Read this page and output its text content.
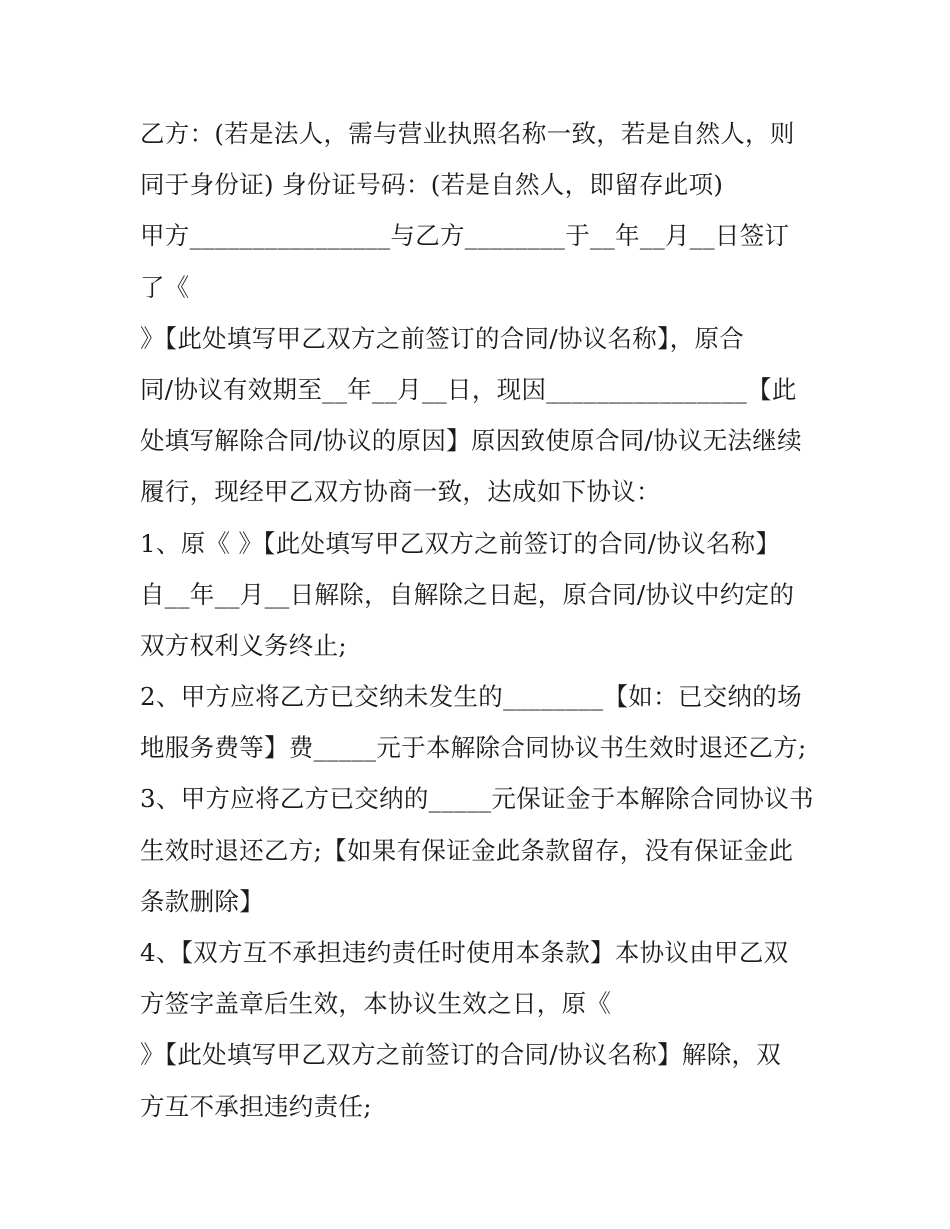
乙方：(若是法人，需与营业执照名称一致，若是自然人，则
同于身份证) 身份证号码：(若是自然人，即留存此项)
甲方________________与乙方________于__年__月__日签订
了《
》【此处填写甲乙双方之前签订的合同/协议名称】，原合
同/协议有效期至__年__月__日，现因________________【此
处填写解除合同/协议的原因】原因致使原合同/协议无法继续
履行，现经甲乙双方协商一致，达成如下协议：
1、原《 》【此处填写甲乙双方之前签订的合同/协议名称】
自__年__月__日解除，自解除之日起，原合同/协议中约定的
双方权利义务终止;
2、甲方应将乙方已交纳未发生的________【如：已交纳的场
地服务费等】费_____元于本解除合同协议书生效时退还乙方;
3、甲方应将乙方已交纳的_____元保证金于本解除合同协议书
生效时退还乙方;【如果有保证金此条款留存，没有保证金此
条款删除】
4、【双方互不承担违约责任时使用本条款】本协议由甲乙双
方签字盖章后生效，本协议生效之日，原《
》【此处填写甲乙双方之前签订的合同/协议名称】解除，双
方互不承担违约责任;
